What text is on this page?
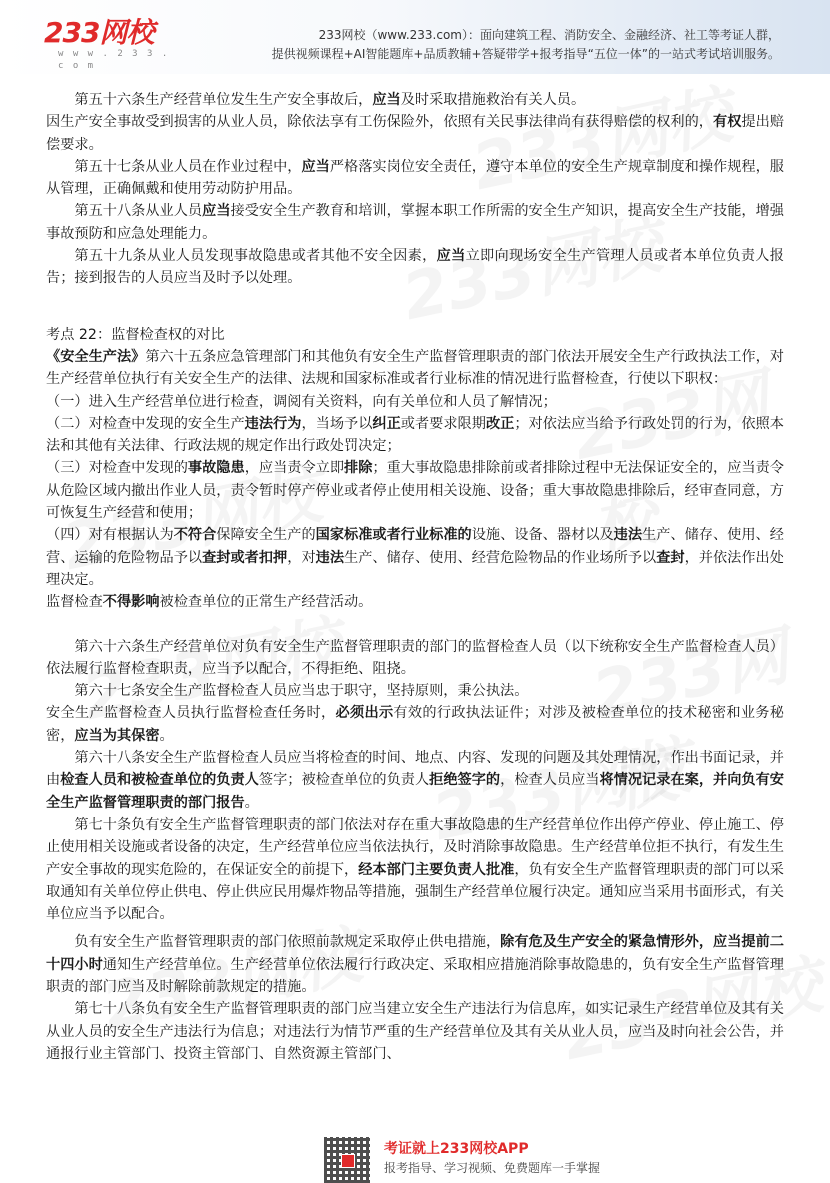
233网校
w w w . 2 3 3 . c o m
233网校（www.233.com）：面向建筑工程、消防安全、金融经济、社工等考证人群，
提供视频课程+AI智能题库+品质教辅+答疑带学+报考指导“五位一体”的一站式考试培训服务。

第五十六条生产经营单位发生生产安全事故后，应当及时采取措施救治有关人员。

因生产安全事故受到损害的从业人员，除依法享有工伤保险外，依照有关民事法律尚有获得赔偿的权利的，有权提出赔偿要求。

第五十七条从业人员在作业过程中，应当严格落实岗位安全责任，遵守本单位的安全生产规章制度和操作规程，服从管理，正确佩戴和使用劳动防护用品。

第五十八条从业人员应当接受安全生产教育和培训，掌握本职工作所需的安全生产知识，提高安全生产技能，增强事故预防和应急处理能力。

第五十九条从业人员发现事故隐患或者其他不安全因素，应当立即向现场安全生产管理人员或者本单位负责人报告；接到报告的人员应当及时予以处理。

考点 22：监督检查权的对比

《安全生产法》第六十五条应急管理部门和其他负有安全生产监督管理职责的部门依法开展安全生产行政执法工作，对生产经营单位执行有关安全生产的法律、法规和国家标准或者行业标准的情况进行监督检查，行使以下职权：

（一）进入生产经营单位进行检查，调阅有关资料，向有关单位和人员了解情况；

（二）对检查中发现的安全生产违法行为，当场予以纠正或者要求限期改正；对依法应当给予行政处罚的行为，依照本法和其他有关法律、行政法规的规定作出行政处罚决定；

（三）对检查中发现的事故隐患，应当责令立即排除；重大事故隐患排除前或者排除过程中无法保证安全的，应当责令从危险区域内撤出作业人员，责令暂时停产停业或者停止使用相关设施、设备；重大事故隐患排除后，经审查同意，方可恢复生产经营和使用；

（四）对有根据认为不符合保障安全生产的国家标准或者行业标准的设施、设备、器材以及违法生产、储存、使用、经营、运输的危险物品予以查封或者扣押，对违法生产、储存、使用、经营危险物品的作业场所予以查封，并依法作出处理决定。

监督检查不得影响被检查单位的正常生产经营活动。

第六十六条生产经营单位对负有安全生产监督管理职责的部门的监督检查人员（以下统称安全生产监督检查人员）依法履行监督检查职责，应当予以配合，不得拒绝、阻挠。

第六十七条安全生产监督检查人员应当忠于职守，坚持原则，秉公执法。

安全生产监督检查人员执行监督检查任务时，必须出示有效的行政执法证件；对涉及被检查单位的技术秘密和业务秘密，应当为其保密。

第六十八条安全生产监督检查人员应当将检查的时间、地点、内容、发现的问题及其处理情况，作出书面记录，并由检查人员和被检查单位的负责人签字；被检查单位的负责人拒绝签字的，检查人员应当将情况记录在案，并向负有安全生产监督管理职责的部门报告。

第七十条负有安全生产监督管理职责的部门依法对存在重大事故隐患的生产经营单位作出停产停业、停止施工、停止使用相关设施或者设备的决定，生产经营单位应当依法执行，及时消除事故隐患。生产经营单位拒不执行，有发生生产安全事故的现实危险的，在保证安全的前提下，经本部门主要负责人批准，负有安全生产监督管理职责的部门可以采取通知有关单位停止供电、停止供应民用爆炸物品等措施，强制生产经营单位履行决定。通知应当采用书面形式，有关单位应当予以配合。

负有安全生产监督管理职责的部门依照前款规定采取停止供电措施，除有危及生产安全的紧急情形外，应当提前二十四小时通知生产经营单位。生产经营单位依法履行行政决定、采取相应措施消除事故隐患的，负有安全生产监督管理职责的部门应当及时解除前款规定的措施。

第七十八条负有安全生产监督管理职责的部门应当建立安全生产违法行为信息库，如实记录生产经营单位及其有关从业人员的安全生产违法行为信息；对违法行为情节严重的生产经营单位及其有关从业人员，应当及时向社会公告，并通报行业主管部门、投资主管部门、自然资源主管部门、

考证就上233网校APP
报考指导、学习视频、免费题库一手掌握
